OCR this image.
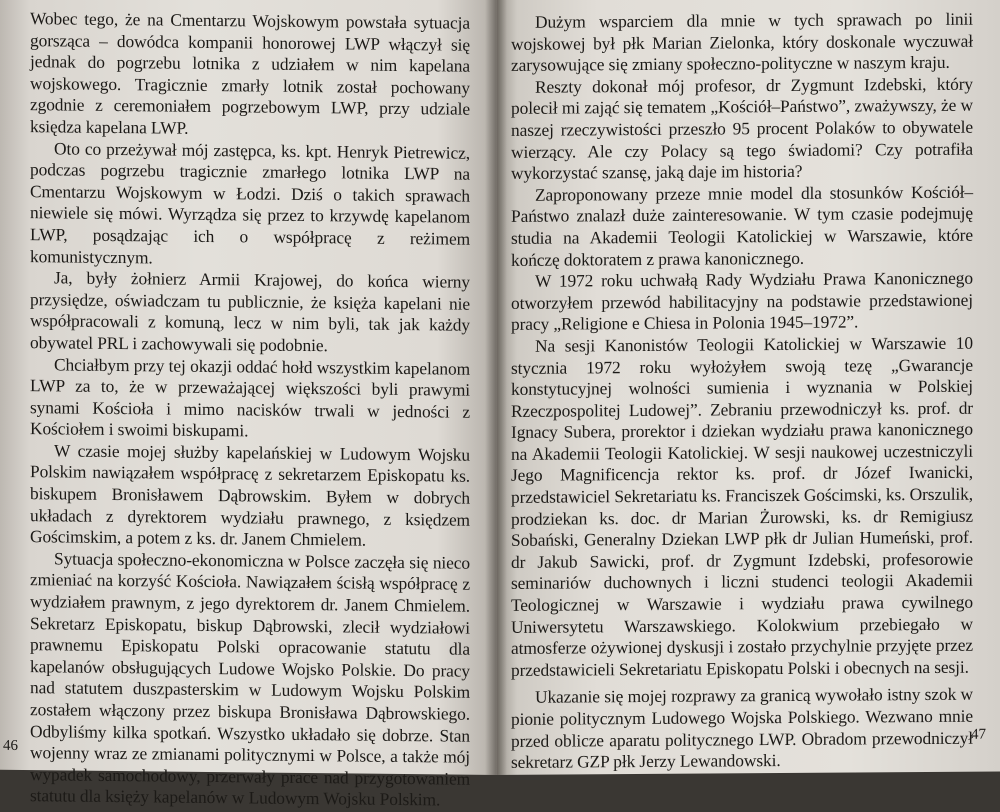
Wobec tego, że na Cmentarzu Wojskowym powstała sytuacja gorsząca – dowódca kompanii honorowej LWP włączył się jednak do pogrzebu lotnika z udziałem w nim kapelana wojskowego. Tragicznie zmarły lotnik został pochowany zgodnie z ceremoniałem pogrzebowym LWP, przy udziale księdza kapelana LWP.

Oto co przeżywał mój zastępca, ks. kpt. Henryk Pietrewicz, podczas pogrzebu tragicznie zmarłego lotnika LWP na Cmentarzu Wojskowym w Łodzi. Dziś o takich sprawach niewiele się mówi. Wyrządza się przez to krzywdę kapelanom LWP, posądzając ich o współpracę z reżimem komunistycznym.

Ja, były żołnierz Armii Krajowej, do końca wierny przysiędze, oświadczam tu publicznie, że księża kapelani nie współpracowali z komuną, lecz w nim byli, tak jak każdy obywatel PRL i zachowywali się podobnie.

Chciałbym przy tej okazji oddać hołd wszystkim kapelanom LWP za to, że w przeważającej większości byli prawymi synami Kościoła i mimo nacisków trwali w jedności z Kościołem i swoimi biskupami.

W czasie mojej służby kapelańskiej w Ludowym Wojsku Polskim nawiązałem współpracę z sekretarzem Episkopatu ks. biskupem Bronisławem Dąbrowskim. Byłem w dobrych układach z dyrektorem wydziału prawnego, z księdzem Gościmskim, a potem z ks. dr. Janem Chmielem.

Sytuacja społeczno-ekonomiczna w Polsce zaczęła się nieco zmieniać na korzyść Kościoła. Nawiązałem ścisłą współpracę z wydziałem prawnym, z jego dyrektorem dr. Janem Chmielem. Sekretarz Episkopatu, biskup Dąbrowski, zlecił wydziałowi prawnemu Episkopatu Polski opracowanie statutu dla kapelanów obsługujących Ludowe Wojsko Polskie. Do pracy nad statutem duszpasterskim w Ludowym Wojsku Polskim zostałem włączony przez biskupa Bronisława Dąbrowskiego. Odbyliśmy kilka spotkań. Wszystko układało się dobrze. Stan wojenny wraz ze zmianami politycznymi w Polsce, a także mój wypadek samochodowy, przerwały prace nad przygotowaniem statutu dla księży kapelanów w Ludowym Wojsku Polskim.

46

Dużym wsparciem dla mnie w tych sprawach po linii wojskowej był płk Marian Zielonka, który doskonale wyczuwał zarysowujące się zmiany społeczno-polityczne w naszym kraju.

Reszty dokonał mój profesor, dr Zygmunt Izdebski, który polecił mi zająć się tematem „Kościół–Państwo”, zważywszy, że w naszej rzeczywistości przeszło 95 procent Polaków to obywatele wierzący. Ale czy Polacy są tego świadomi? Czy potrafiła wykorzystać szansę, jaką daje im historia?

Zaproponowany przeze mnie model dla stosunków Kościół–Państwo znalazł duże zainteresowanie. W tym czasie podejmuję studia na Akademii Teologii Katolickiej w Warszawie, które kończę doktoratem z prawa kanonicznego.

W 1972 roku uchwałą Rady Wydziału Prawa Kanonicznego otworzyłem przewód habilitacyjny na podstawie przedstawionej pracy „Religione e Chiesa in Polonia 1945–1972”.

Na sesji Kanonistów Teologii Katolickiej w Warszawie 10 stycznia 1972 roku wyłożyłem swoją tezę „Gwarancje konstytucyjnej wolności sumienia i wyznania w Polskiej Rzeczpospolitej Ludowej”. Zebraniu przewodniczył ks. prof. dr Ignacy Subera, prorektor i dziekan wydziału prawa kanonicznego na Akademii Teologii Katolickiej. W sesji naukowej uczestniczyli Jego Magnificencja rektor ks. prof. dr Józef Iwanicki, przedstawiciel Sekretariatu ks. Franciszek Gościmski, ks. Orszulik, prodziekan ks. doc. dr Marian Żurowski, ks. dr Remigiusz Sobański, Generalny Dziekan LWP płk dr Julian Humeński, prof. dr Jakub Sawicki, prof. dr Zygmunt Izdebski, profesorowie seminariów duchownych i liczni studenci teologii Akademii Teologicznej w Warszawie i wydziału prawa cywilnego Uniwersytetu Warszawskiego. Kolokwium przebiegało w atmosferze ożywionej dyskusji i zostało przychylnie przyjęte przez przedstawicieli Sekretariatu Episkopatu Polski i obecnych na sesji.

Ukazanie się mojej rozprawy za granicą wywołało istny szok w pionie politycznym Ludowego Wojska Polskiego. Wezwano mnie przed oblicze aparatu politycznego LWP. Obradom przewodniczył sekretarz GZP płk Jerzy Lewandowski.

47
